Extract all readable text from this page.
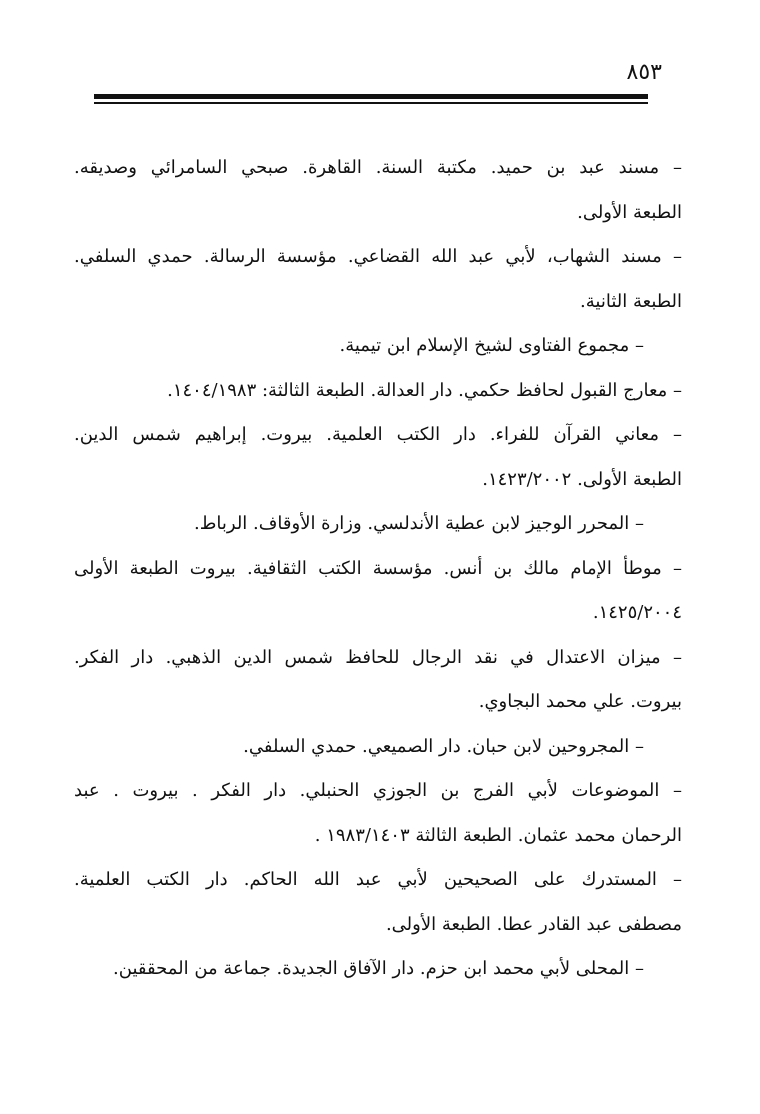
٨٥٣
– مسند عبد بن حميد. مكتبة السنة. القاهرة. صبحي السامرائي وصديقه.
الطبعة الأولى.
– مسند الشهاب، لأبي عبد الله القضاعي. مؤسسة الرسالة. حمدي السلفي.
الطبعة الثانية.
– مجموع الفتاوى لشيخ الإسلام ابن تيمية.
– معارج القبول لحافظ حكمي. دار العدالة. الطبعة الثالثة: ١٤٠٤/١٩٨٣.
– معاني القرآن للفراء. دار الكتب العلمية. بيروت. إبراهيم شمس الدين.
الطبعة الأولى. ١٤٢٣/٢٠٠٢.
– المحرر الوجيز لابن عطية الأندلسي. وزارة الأوقاف. الرباط.
– موطأ الإمام مالك بن أنس. مؤسسة الكتب الثقافية. بيروت الطبعة الأولى
١٤٢٥/٢٠٠٤.
– ميزان الاعتدال في نقد الرجال للحافظ شمس الدين الذهبي. دار الفكر.
بيروت. علي محمد البجاوي.
– المجروحين لابن حبان. دار الصميعي. حمدي السلفي.
– الموضوعات لأبي الفرج بن الجوزي الحنبلي. دار الفكر . بيروت . عبد
الرحمان محمد عثمان. الطبعة الثالثة ١٩٨٣/١٤٠٣ .
– المستدرك على الصحيحين لأبي عبد الله الحاكم. دار الكتب العلمية.
مصطفى عبد القادر عطا. الطبعة الأولى.
– المحلى لأبي محمد ابن حزم. دار الآفاق الجديدة. جماعة من المحققين.
